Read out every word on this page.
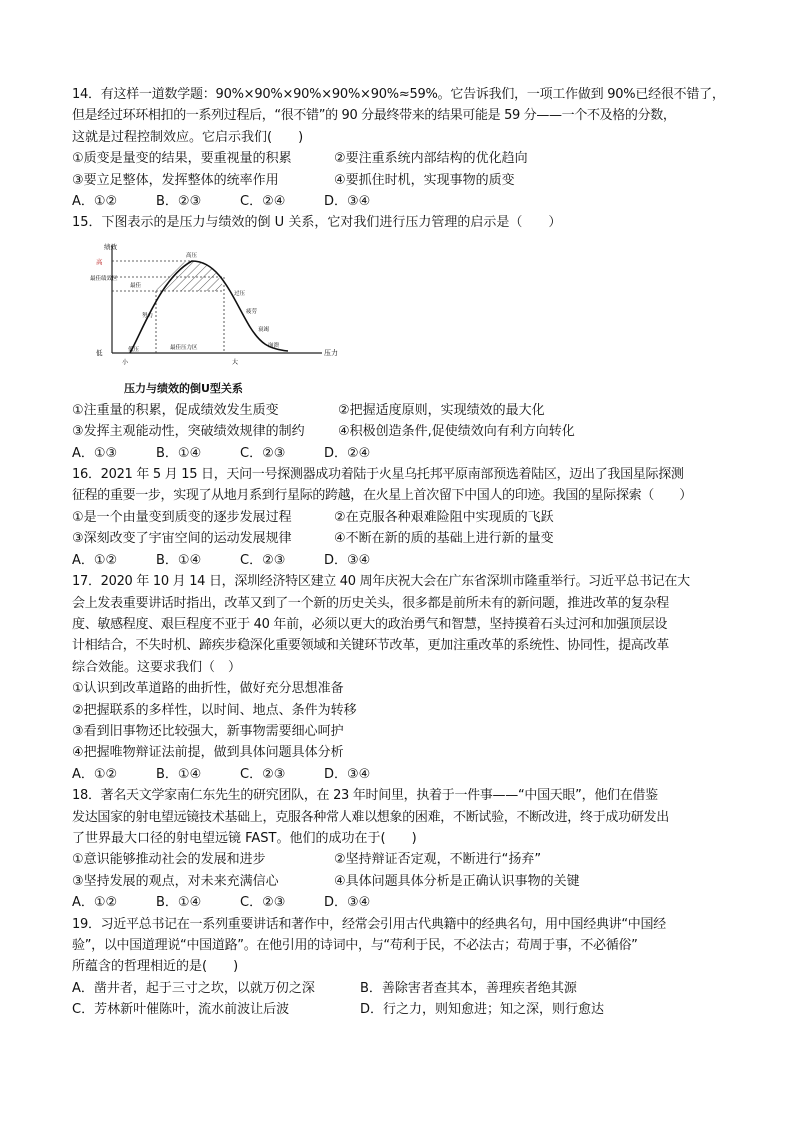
14．有这样一道数学题：90%×90%×90%×90%×90%≈59%。它告诉我们，一项工作做到 90%已经很不错了，
但是经过环环相扣的一系列过程后，“很不错”的 90 分最终带来的结果可能是 59 分——一个不及格的分数，
这就是过程控制效应。它启示我们(　　)
①质变是量变的结果，要重视量的积累	②要注重系统内部结构的优化趋向
③要立足整体，发挥整体的统率作用	④要抓住时机，实现事物的质变
A．①②	B．②③	C．②④	D．③④
15．下图表示的是压力与绩效的倒 U 关系，它对我们进行压力管理的启示是（　　）
绩效
高
最佳绩效区
低	压力
小	大
高压
最佳
努力
低压	最佳压力区
过压
疲劳
衰竭
崩溃
压力与绩效的倒U型关系
①注重量的积累，促成绩效发生质变	②把握适度原则，实现绩效的最大化
③发挥主观能动性，突破绩效规律的制约	④积极创造条件,促使绩效向有利方向转化
A．①③	B．①④	C．②③	D．②④
16．2021 年 5 月 15 日，天问一号探测器成功着陆于火星乌托邦平原南部预选着陆区，迈出了我国星际探测
征程的重要一步，实现了从地月系到行星际的跨越，在火星上首次留下中国人的印迹。我国的星际探索（　　）
①是一个由量变到质变的逐步发展过程	②在克服各种艰难险阻中实现质的飞跃
③深刻改变了宇宙空间的运动发展规律	④不断在新的质的基础上进行新的量变
A．①②	B．①④	C．②③	D．③④
17．2020 年 10 月 14 日，深圳经济特区建立 40 周年庆祝大会在广东省深圳市隆重举行。习近平总书记在大
会上发表重要讲话时指出，改革又到了一个新的历史关头，很多都是前所未有的新问题，推进改革的复杂程
度、敏感程度、艰巨程度不亚于 40 年前，必须以更大的政治勇气和智慧，坚持摸着石头过河和加强顶层设
计相结合，不失时机、蹄疾步稳深化重要领域和关键环节改革，更加注重改革的系统性、协同性，提高改革
综合效能。这要求我们（　）
①认识到改革道路的曲折性，做好充分思想准备
②把握联系的多样性，以时间、地点、条件为转移
③看到旧事物还比较强大，新事物需要细心呵护
④把握唯物辩证法前提，做到具体问题具体分析
A．①②	B．①④	C．②③	D．③④
18．著名天文学家南仁东先生的研究团队，在 23 年时间里，执着于一件事——“中国天眼”，他们在借鉴
发达国家的射电望远镜技术基础上，克服各种常人难以想象的困难，不断试验，不断改进，终于成功研发出
了世界最大口径的射电望远镜 FAST。他们的成功在于(　　)
①意识能够推动社会的发展和进步	②坚持辩证否定观，不断进行“扬弃”
③坚持发展的观点，对未来充满信心	④具体问题具体分析是正确认识事物的关键
A．①②	B．①④	C．②③	D．③④
19．习近平总书记在一系列重要讲话和著作中，经常会引用古代典籍中的经典名句，用中国经典讲“中国经
验”，以中国道理说“中国道路”。在他引用的诗词中，与“苟利于民，不必法古；苟周于事，不必循俗”
所蕴含的哲理相近的是(　　)
A．凿井者，起于三寸之坎，以就万仞之深	B．善除害者查其本，善理疾者绝其源
C．芳林新叶催陈叶，流水前波让后波	D．行之力，则知愈进；知之深，则行愈达
